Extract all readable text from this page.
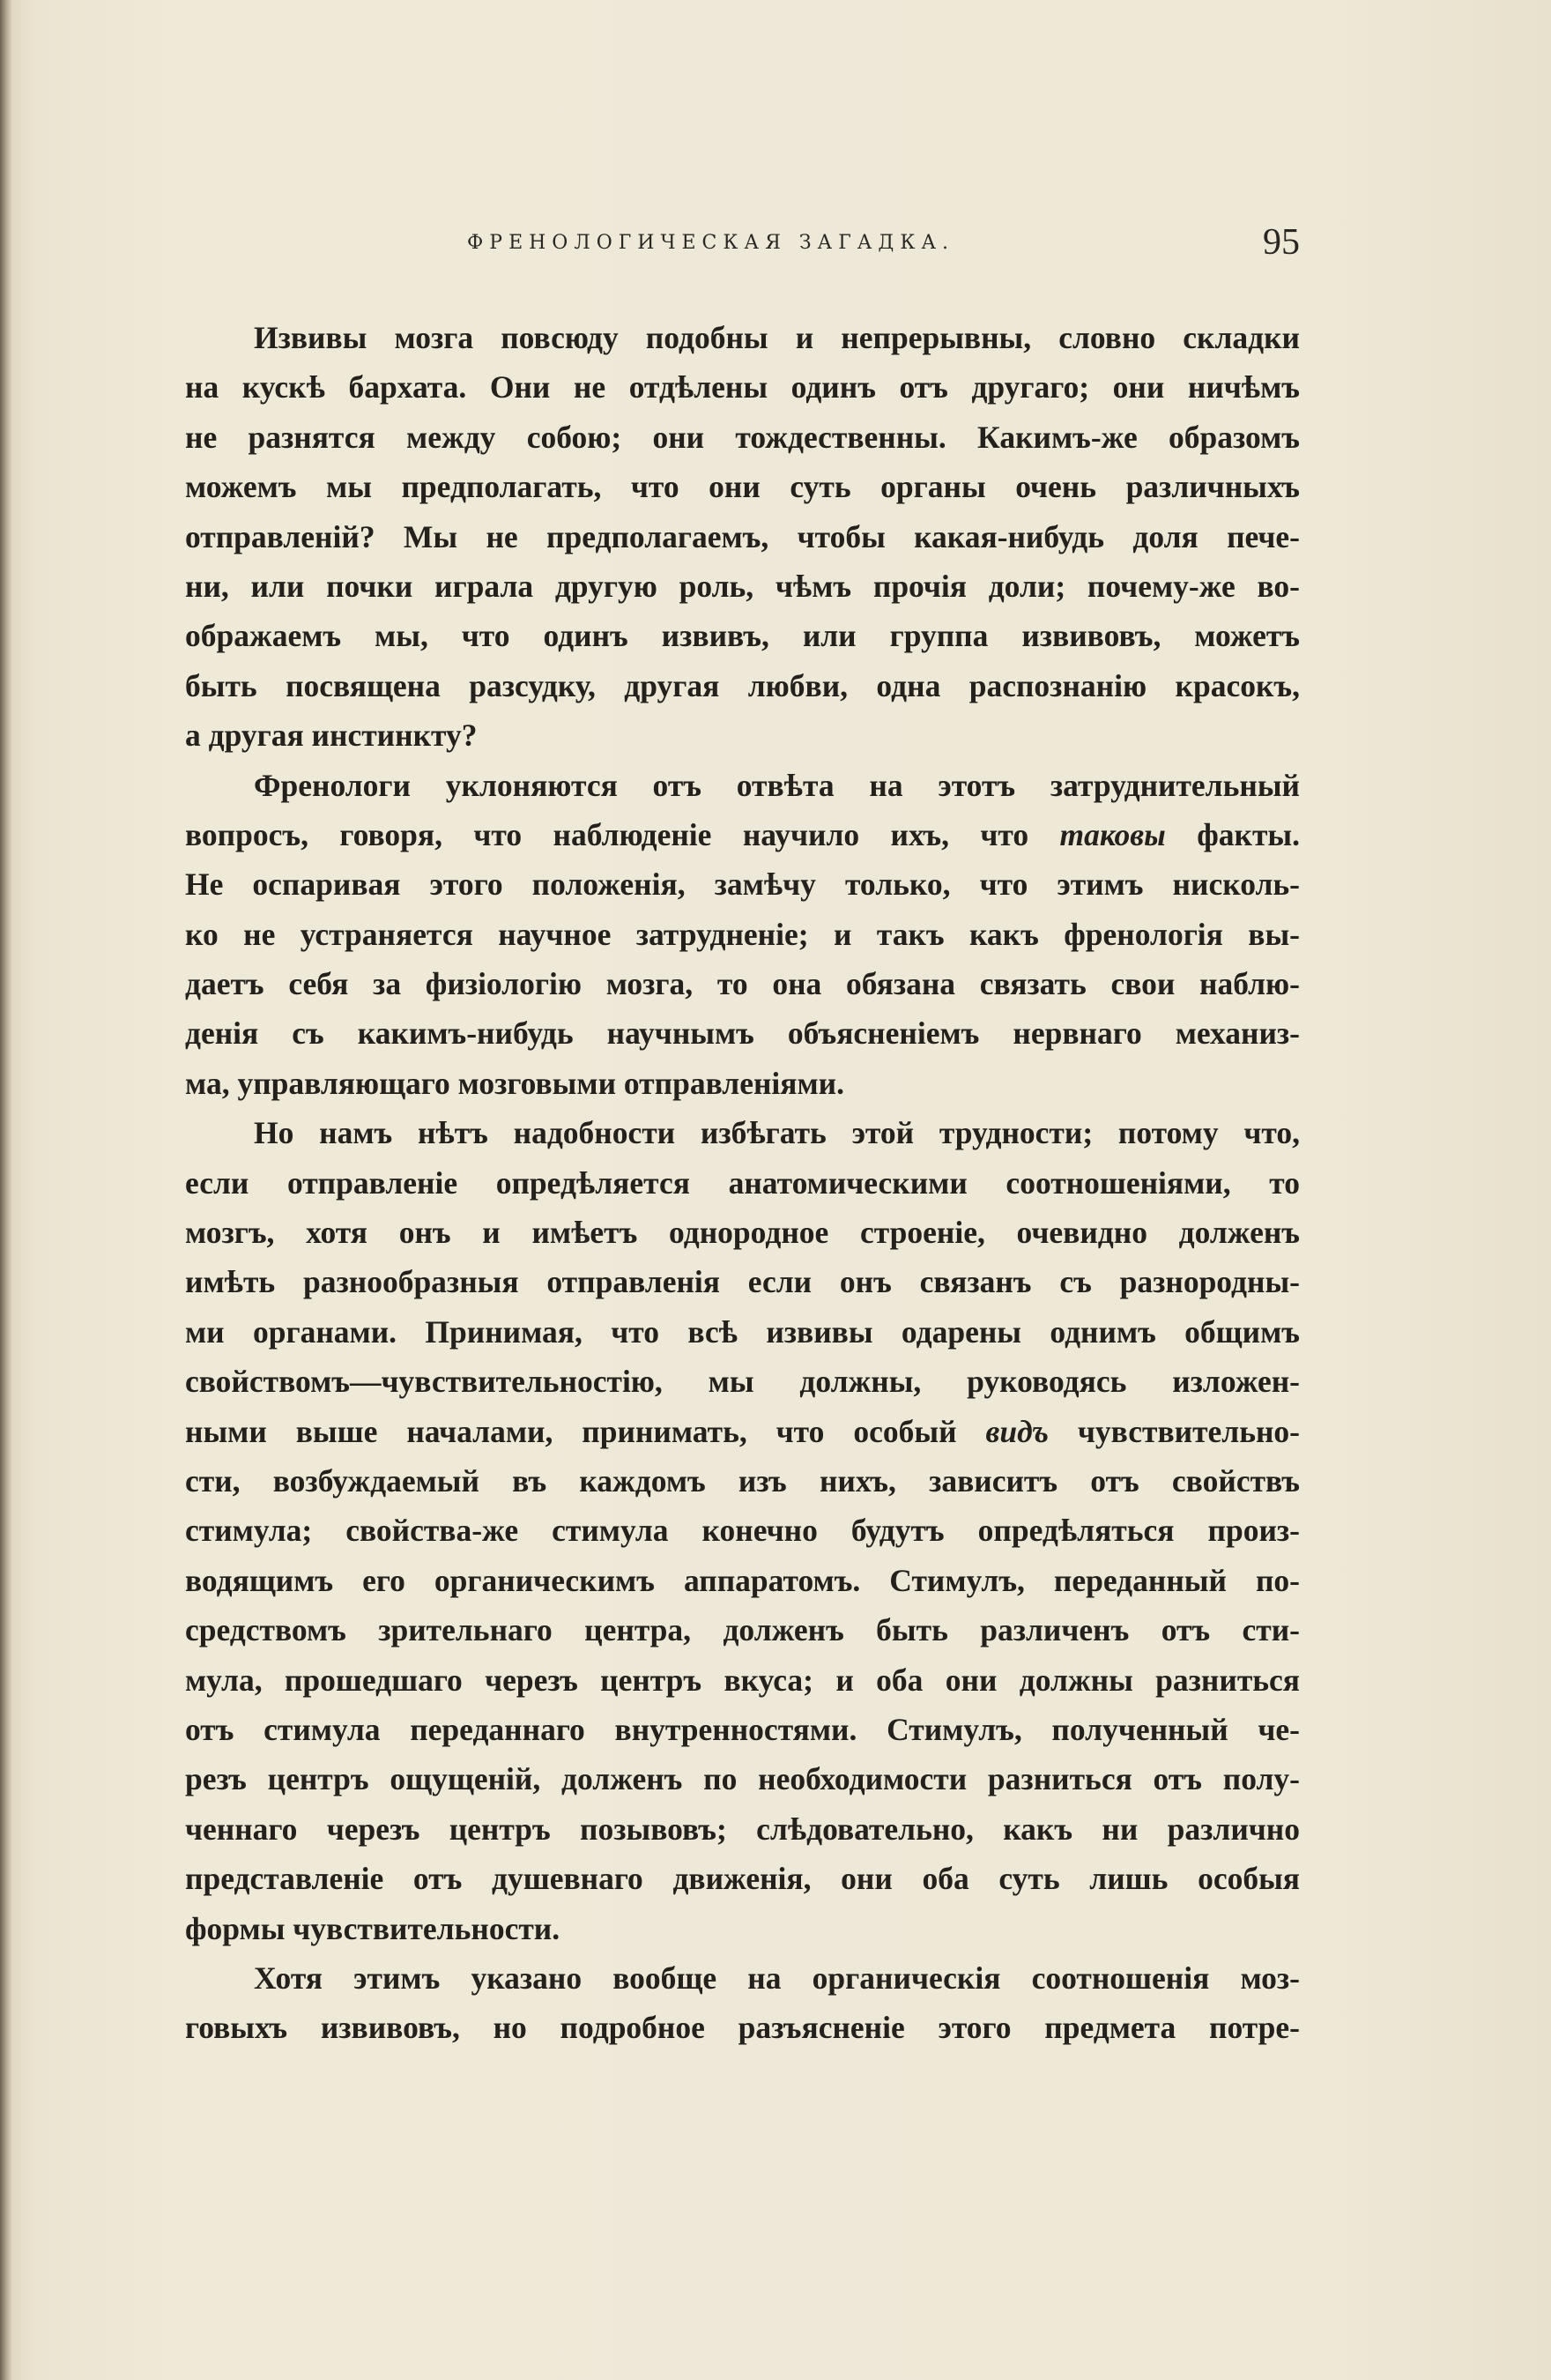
ФРЕНОЛОГИЧЕСКАЯ ЗАГАДКА.	95

Извивы мозга повсюду подобны и непрерывны, словно складки
на кускѣ бархата. Они не отдѣлены одинъ отъ другаго; они ничѣмъ
не разнятся между собою; они тождественны. Какимъ-же образомъ
можемъ мы предполагать, что они суть органы очень различныхъ
отправленій? Мы не предполагаемъ, чтобы какая-нибудь доля пече-
ни, или почки играла другую роль, чѣмъ прочія доли; почему-же во-
ображаемъ мы, что одинъ извивъ, или группа извивовъ, можетъ
быть посвящена разсудку, другая любви, одна распознанію красокъ,
а другая инстинкту?

Френологи уклоняются отъ отвѣта на этотъ затруднительный
вопросъ, говоря, что наблюденіе научило ихъ, что таковы факты.
Не оспаривая этого положенія, замѣчу только, что этимъ нисколь-
ко не устраняется научное затрудненіе; и такъ какъ френологія вы-
даетъ себя за физіологію мозга, то она обязана связать свои наблю-
денія съ какимъ-нибудь научнымъ объясненіемъ нервнаго механиз-
ма, управляющаго мозговыми отправленіями.

Но намъ нѣтъ надобности избѣгать этой трудности; потому что,
если отправленіе опредѣляется анатомическими соотношеніями, то
мозгъ, хотя онъ и имѣетъ однородное строеніе, очевидно долженъ
имѣть разнообразныя отправленія если онъ связанъ съ разнородны-
ми органами. Принимая, что всѣ извивы одарены однимъ общимъ
свойствомъ—чувствительностію, мы должны, руководясь изложен-
ными выше началами, принимать, что особый видъ чувствительно-
сти, возбуждаемый въ каждомъ изъ нихъ, зависитъ отъ свойствъ
стимула; свойства-же стимула конечно будутъ опредѣляться произ-
водящимъ его органическимъ аппаратомъ. Стимулъ, переданный по-
средствомъ зрительнаго центра, долженъ быть различенъ отъ сти-
мула, прошедшаго черезъ центръ вкуса; и оба они должны разниться
отъ стимула переданнаго внутренностями. Стимулъ, полученный че-
резъ центръ ощущеній, долженъ по необходимости разниться отъ полу-
ченнаго черезъ центръ позывовъ; слѣдовательно, какъ ни различно
представленіе отъ душевнаго движенія, они оба суть лишь особыя
формы чувствительности.

Хотя этимъ указано вообще на органическія соотношенія моз-
говыхъ извивовъ, но подробное разъясненіе этого предмета потре-
